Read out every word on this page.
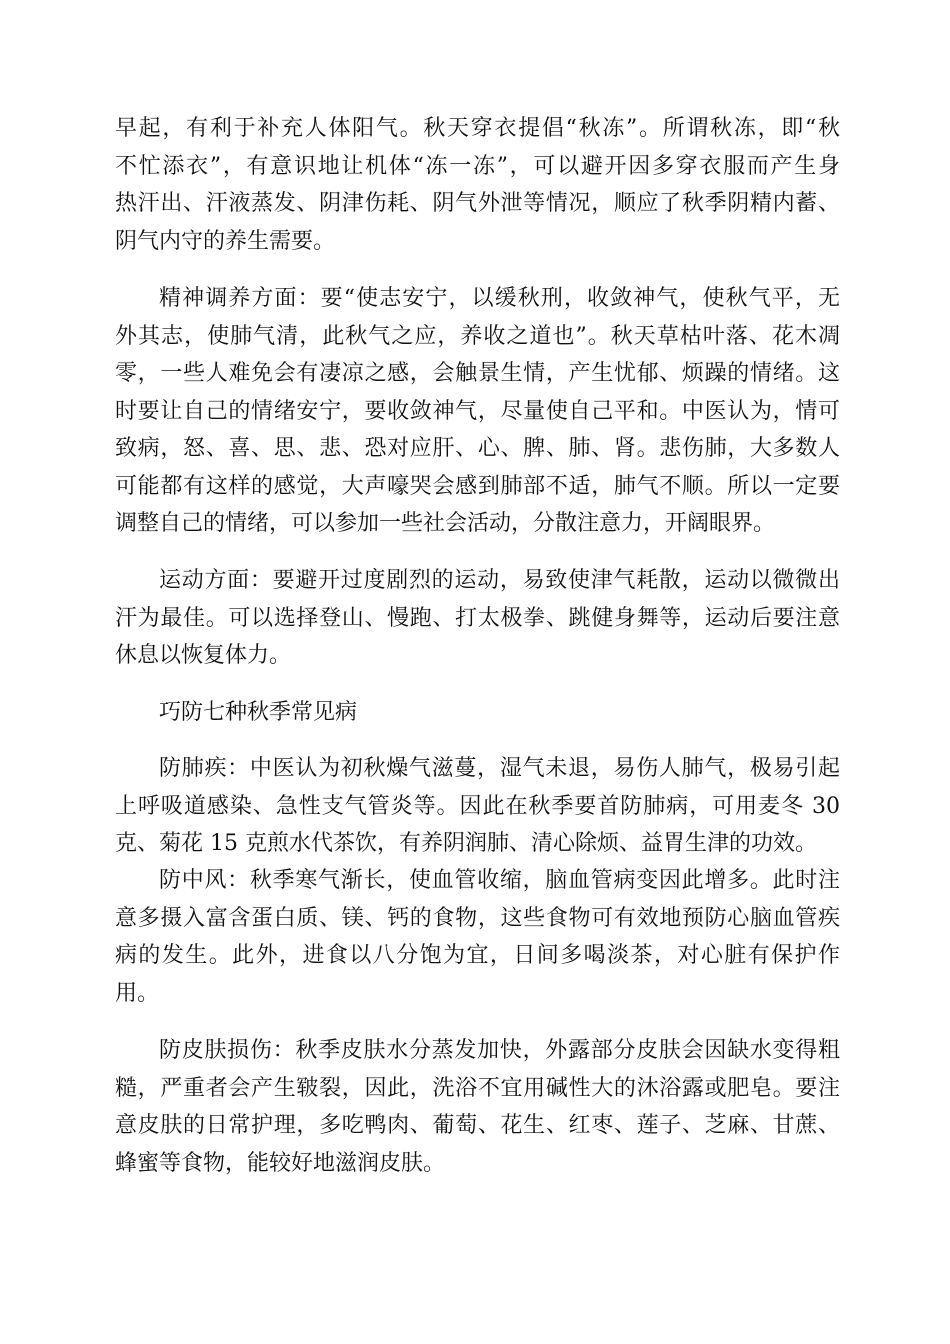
早起，有利于补充人体阳气。秋天穿衣提倡“秋冻”。所谓秋冻，即“秋
不忙添衣”，有意识地让机体“冻一冻”，可以避开因多穿衣服而产生身
热汗出、汗液蒸发、阴津伤耗、阴气外泄等情况，顺应了秋季阴精内蓄、
阴气内守的养生需要。
精神调养方面：要“使志安宁，以缓秋刑，收敛神气，使秋气平，无
外其志，使肺气清，此秋气之应，养收之道也”。秋天草枯叶落、花木凋
零，一些人难免会有凄凉之感，会触景生情，产生忧郁、烦躁的情绪。这
时要让自己的情绪安宁，要收敛神气，尽量使自己平和。中医认为，情可
致病，怒、喜、思、悲、恐对应肝、心、脾、肺、肾。悲伤肺，大多数人
可能都有这样的感觉，大声嚎哭会感到肺部不适，肺气不顺。所以一定要
调整自己的情绪，可以参加一些社会活动，分散注意力，开阔眼界。
运动方面：要避开过度剧烈的运动，易致使津气耗散，运动以微微出
汗为最佳。可以选择登山、慢跑、打太极拳、跳健身舞等，运动后要注意
休息以恢复体力。
巧防七种秋季常见病
防肺疾：中医认为初秋燥气滋蔓，湿气未退，易伤人肺气，极易引起
上呼吸道感染、急性支气管炎等。因此在秋季要首防肺病，可用麦冬 30
克、菊花 15 克煎水代茶饮，有养阴润肺、清心除烦、益胃生津的功效。
防中风：秋季寒气渐长，使血管收缩，脑血管病变因此增多。此时注
意多摄入富含蛋白质、镁、钙的食物，这些食物可有效地预防心脑血管疾
病的发生。此外，进食以八分饱为宜，日间多喝淡茶，对心脏有保护作
用。
防皮肤损伤：秋季皮肤水分蒸发加快，外露部分皮肤会因缺水变得粗
糙，严重者会产生皲裂，因此，洗浴不宜用碱性大的沐浴露或肥皂。要注
意皮肤的日常护理，多吃鸭肉、葡萄、花生、红枣、莲子、芝麻、甘蔗、
蜂蜜等食物，能较好地滋润皮肤。
